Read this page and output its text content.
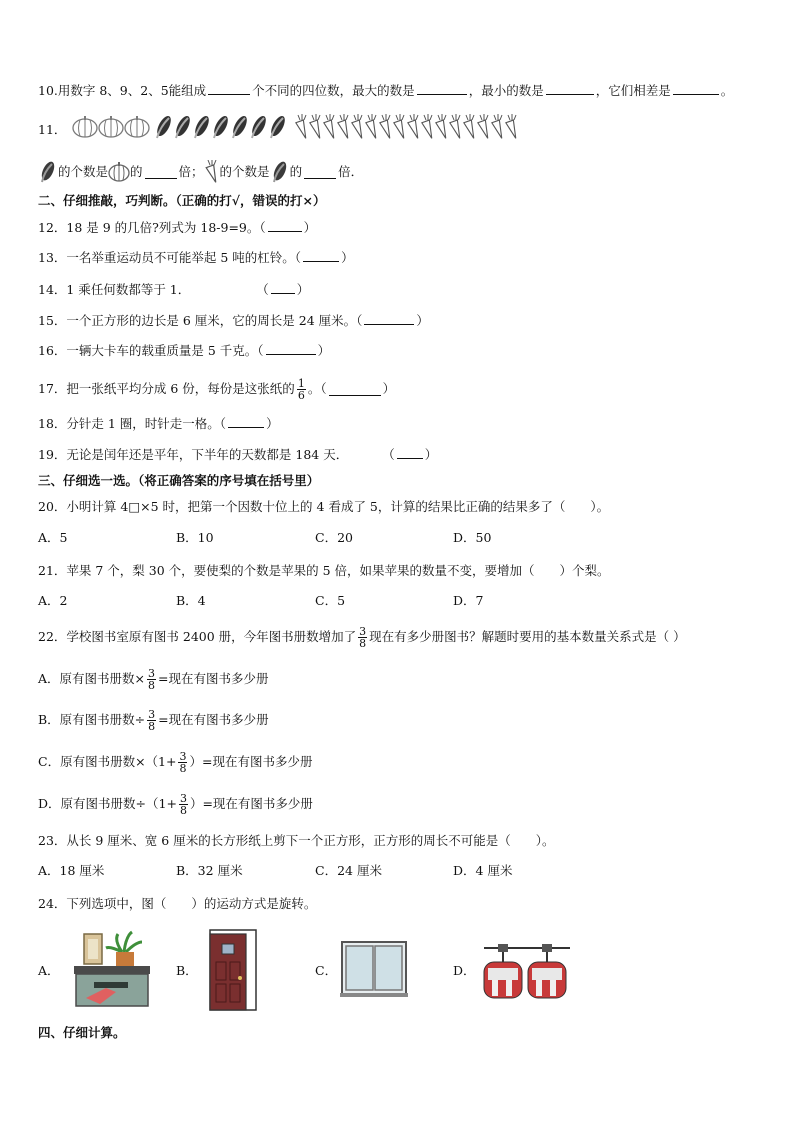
10.用数字 8、9、2、5能组成	个不同的四位数，最大的数是	，最小的数是	，它们相差是	。
11．
的个数是 的	倍； 的个数是 的	倍．
二、仔细推敲，巧判断。（正确的打√，错误的打×）
12．18 是 9 的几倍?列式为 18-9=9。（	）
13．一名举重运动员不可能举起 5 吨的杠铃。（	）
14．1 乘任何数都等于 1．	（ ）
15．一个正方形的边长是 6 厘米，它的周长是 24 厘米。（	）
16．一辆大卡车的载重质量是 5 千克。（	）
17．把一张纸平均分成 6 份，每份是这张纸的 $\frac{1}{6}$ 。（	）
18．分针走 1 圈，时针走一格。（	）
19．无论是闰年还是平年，下半年的天数都是 184 天．	（ ）
三、仔细选一选。（将正确答案的序号填在括号里）
20．小明计算 4□×5 时，把第一个因数十位上的 4 看成了 5，计算的结果比正确的结果多了（　　）。
A．5	B．10	C．20	D．50
21．苹果 7 个，梨 30 个，要使梨的个数是苹果的 5 倍，如果苹果的数量不变，要增加（　　）个梨。
A．2	B．4	C．5	D．7
22．学校图书室原有图书 2400 册，今年图书册数增加了 $\frac{3}{8}$ 现在有多少册图书？解题时要用的基本数量关系式是（ ）
A．原有图书册数× $\frac{3}{8}$ =现在有图书多少册
B．原有图书册数÷ $\frac{3}{8}$ =现在有图书多少册
C．原有图书册数$\times(1+ \frac{3}{8}$ ）=现在有图书多少册
D．原有图书册数$\div(1+ \frac{3}{8}$ ）=现在有图书多少册
23．从长 9 厘米、宽 6 厘米的长方形纸上剪下一个正方形，正方形的周长不可能是（　　）。
A．18 厘米	B．32 厘米	C．24 厘米	D．4 厘米
24．下列选项中，图（　　）的运动方式是旋转。
A．	B．	C．	D．
四、仔细计算。
